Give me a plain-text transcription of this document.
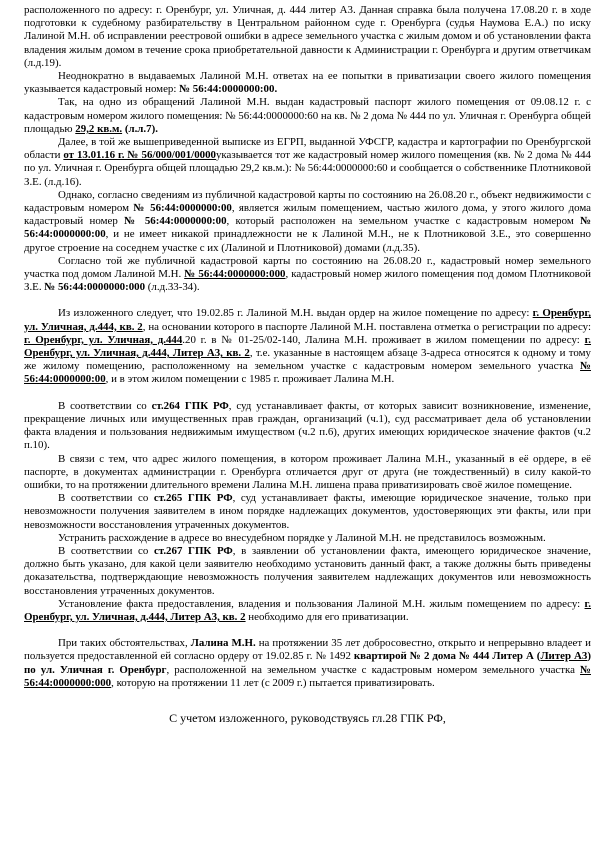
расположенного по адресу: г. Оренбург, ул. Уличная, д. 444 литер А3. Данная справка была получена 17.08.20 г. в ходе подготовки к судебному разбирательству в Центральном районном суде г. Оренбурга (судья Наумова Е.А.) по иску Лалиной М.Н. об исправлении реестровой ошибки в адресе земельного участка с жилым домом и об установлении факта владения жилым домом в течение срока приобретательной давности к Администрации г. Оренбурга и другим ответчикам (л.д.19).

Неоднократно в выдаваемых Лалиной М.Н. ответах на ее попытки в приватизации своего жилого помещения указывается кадастровый номер: № 56:44:0000000:00.

Так, на одно из обращений Лалиной М.Н. выдан кадастровый паспорт жилого помещения от 09.08.12 г. с кадастровым номером жилого помещения: № 56:44:0000000:60 на кв. № 2 дома № 444 по ул. Уличная г. Оренбурга общей площадью 29,2 кв.м. (л.л.7).

Далее, в той же вышеприведенной выписке из ЕГРП, выданной УФСГР, кадастра и картографии по Оренбургской области от 13.01.16 г. № 56/000/001/0000указывается тот же кадастровый номер жилого помещения (кв. № 2 дома № 444 по ул. Уличная г. Оренбурга общей площадью 29,2 кв.м.): № 56:44:0000000:60 и сообщается о собственнике Плотниковой З.Е. (л.д.16).

Однако, согласно сведениям из публичной кадастровой карты по состоянию на 26.08.20 г., объект недвижимости с кадастровым номером № 56:44:0000000:00, является жилым помещением, частью жилого дома, у этого жилого дома кадастровый номер № 56:44:0000000:00, который расположен на земельном участке с кадастровым номером № 56:44:0000000:00, и не имеет никакой принадлежности не к Лалиной М.Н., не к Плотниковой З.Е., это совершенно другое строение на соседнем участке с их (Лалиной и Плотниковой) домами (л.д.35).

Согласно той же публичной кадастровой карты по состоянию на 26.08.20 г., кадастровый номер земельного участка под домом Лалиной М.Н. № 56:44:0000000:000, кадастровый номер жилого помещения под домом Плотниковой З.Е. № 56:44:0000000:000 (л.д.33-34).

Из изложенного следует, что 19.02.85 г. Лалиной М.Н. выдан ордер на жилое помещение по адресу: г. Оренбург, ул. Уличная, д.444, кв. 2, на основании которого в паспорте Лалиной М.Н. поставлена отметка о регистрации по адресу: г. Оренбург, ул. Уличная, д.444.20 г. в № 01-25/02-140, Лалина М.Н. проживает в жилом помещении по адресу: г. Оренбург, ул. Уличная, д.444, Литер А3, кв. 2, т.е. указанные в настоящем абзаце 3-адреса относятся к одному и тому же жилому помещению, расположенному на земельном участке с кадастровым номером земельного участка № 56:44:0000000:00, и в этом жилом помещении с 1985 г. проживает Лалина М.Н.

В соответствии со ст.264 ГПК РФ, суд устанавливает факты, от которых зависит возникновение, изменение, прекращение личных или имущественных прав граждан, организаций (ч.1), суд рассматривает дела об установлении факта владения и пользования недвижимым имуществом (ч.2 п.6), других имеющих юридическое значение фактов (ч.2 п.10).

В связи с тем, что адрес жилого помещения, в котором проживает Лалина М.Н., указанный в её ордере, в её паспорте, в документах администрации г. Оренбурга отличается друг от друга (не тождественный) в силу какой-то ошибки, то на протяжении длительного времени Лалина М.Н. лишена права приватизировать своё жилое помещение.

В соответствии со ст.265 ГПК РФ, суд устанавливает факты, имеющие юридическое значение, только при невозможности получения заявителем в ином порядке надлежащих документов, удостоверяющих эти факты, или при невозможности восстановления утраченных документов.

Устранить расхождение в адресе во внесудебном порядке у Лалиной М.Н. не представилось возможным.

В соответствии со ст.267 ГПК РФ, в заявлении об установлении факта, имеющего юридическое значение, должно быть указано, для какой цели заявителю необходимо установить данный факт, а также должны быть приведены доказательства, подтверждающие невозможность получения заявителем надлежащих документов или невозможность восстановления утраченных документов.

Установление факта предоставления, владения и пользования Лалиной М.Н. жилым помещением по адресу: г. Оренбург, ул. Уличная, д.444, Литер А3, кв. 2 необходимо для его приватизации.

При таких обстоятельствах, Лалина М.Н. на протяжении 35 лет добросовестно, открыто и непрерывно владеет и пользуется предоставленной ей согласно ордеру от 19.02.85 г. № 1492 квартирой № 2 дома № 444 Литер А (Литер А3) по ул. Уличная г. Оренбург, расположенной на земельном участке с кадастровым номером земельного участка № 56:44:0000000:000, которую на протяжении 11 лет (с 2009 г.) пытается приватизировать.

С учетом изложенного, руководствуясь гл.28 ГПК РФ,
